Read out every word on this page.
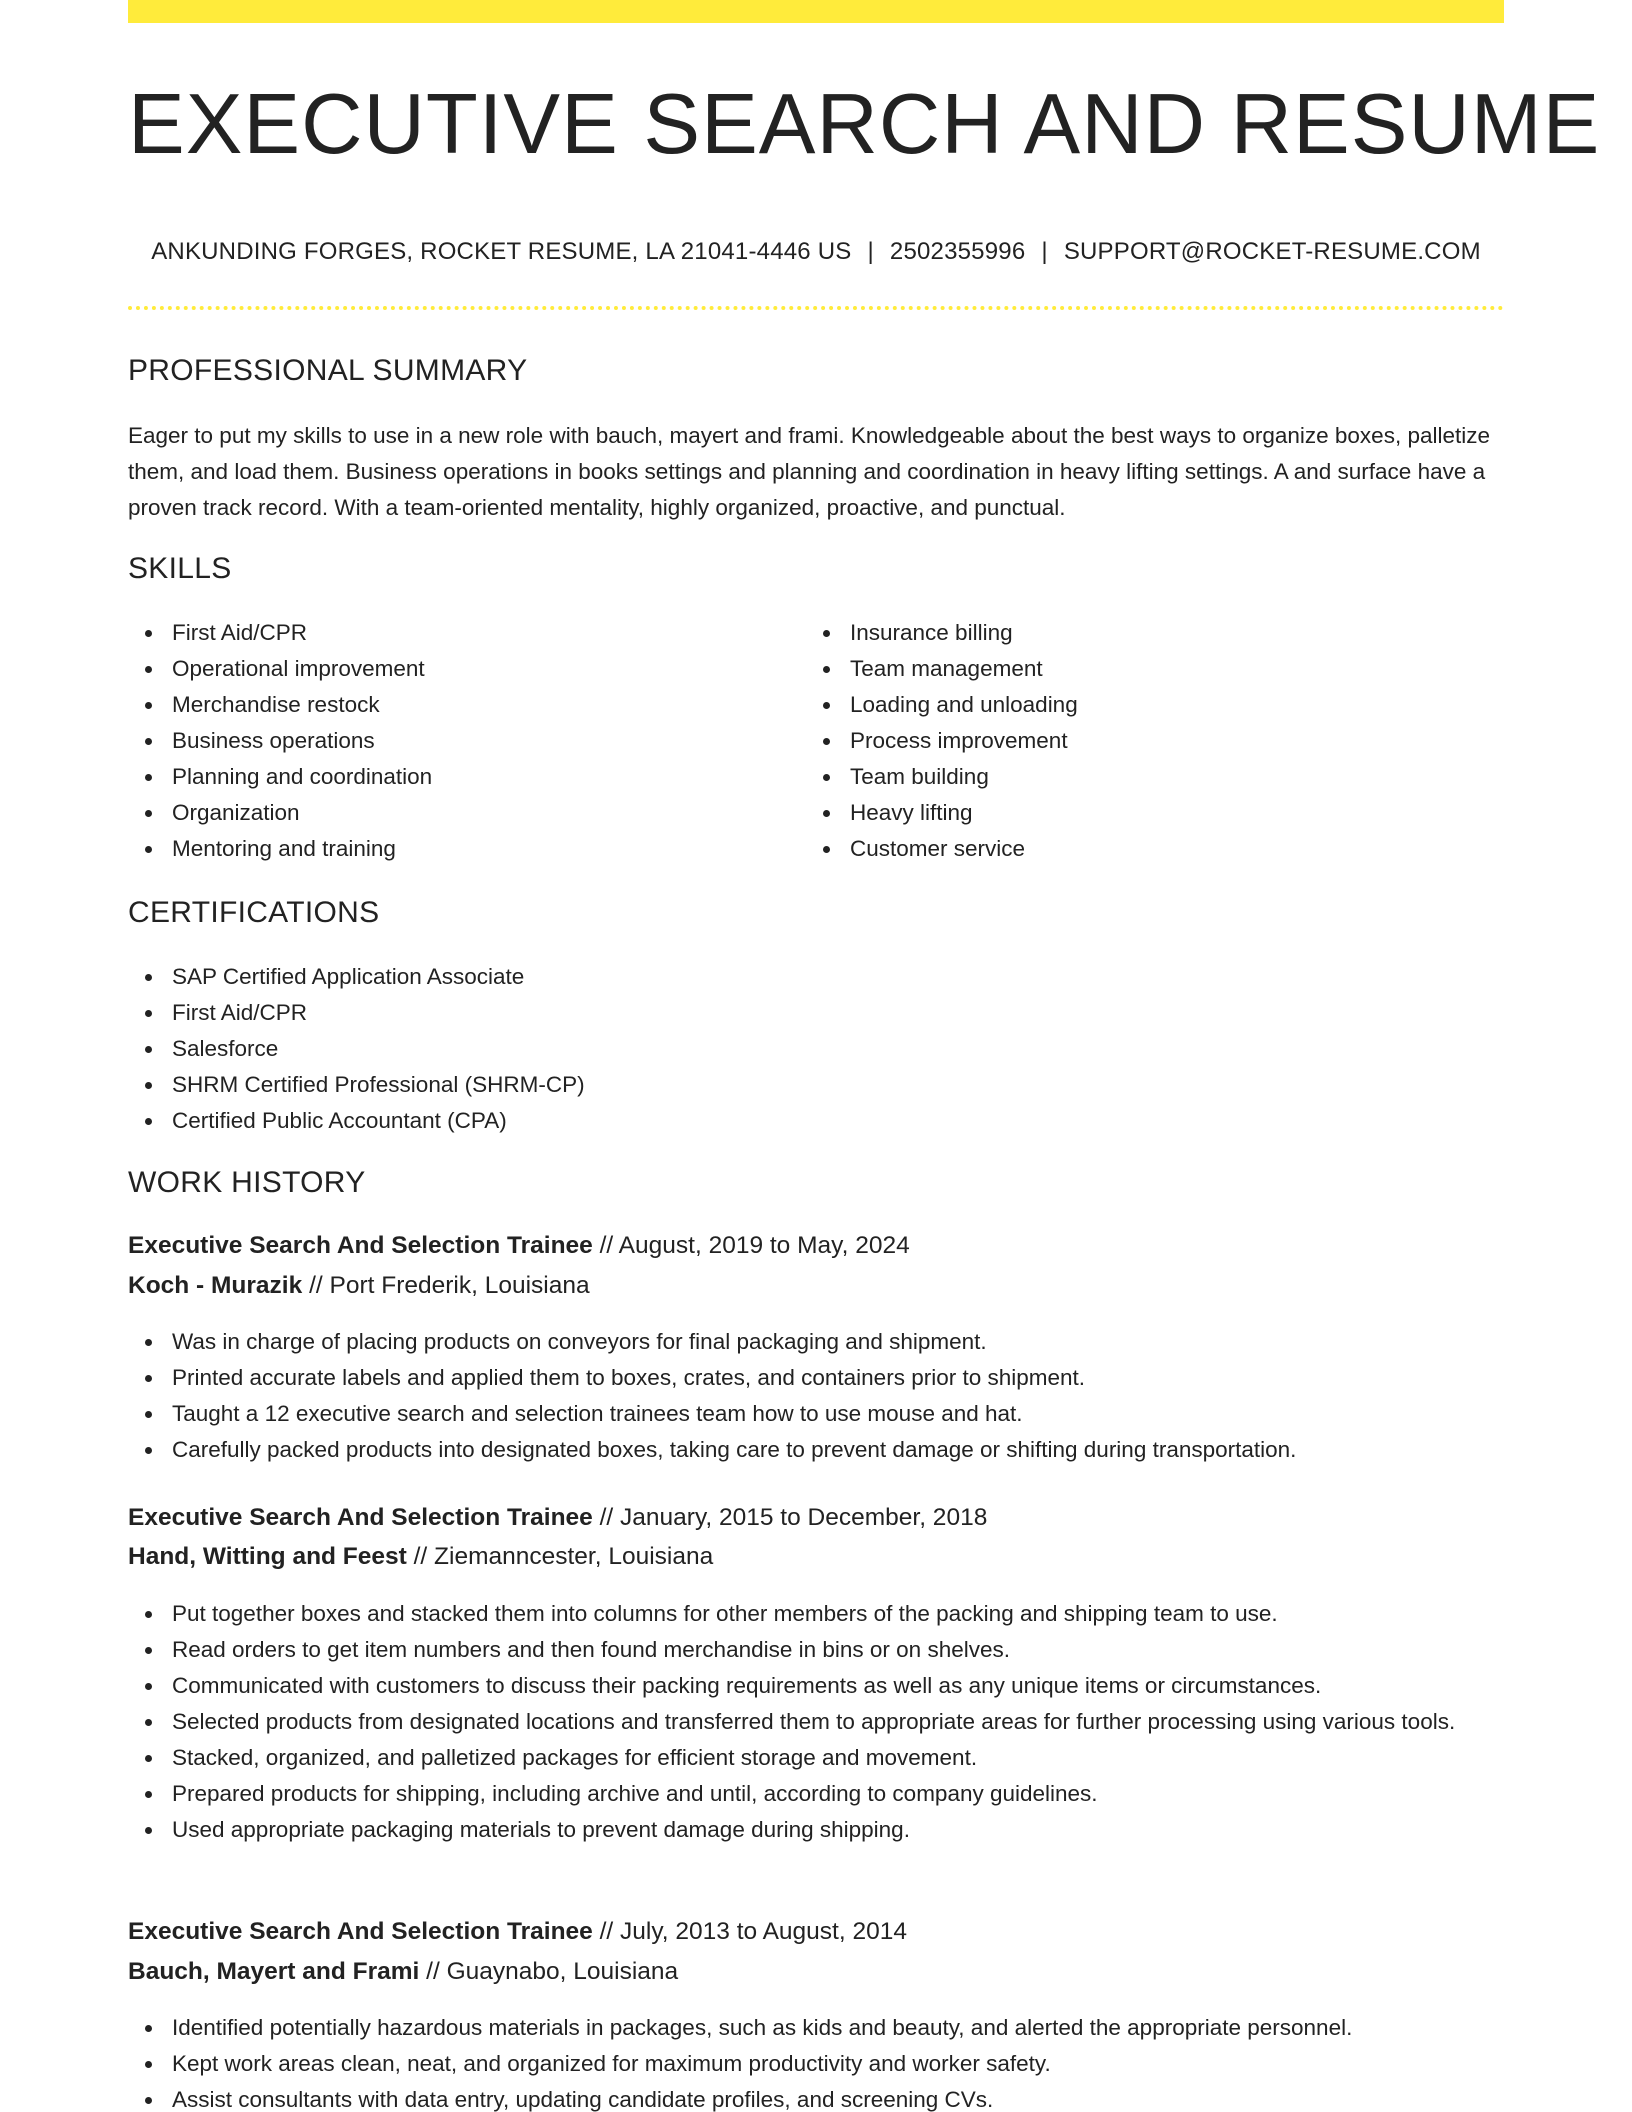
EXECUTIVE SEARCH AND RESUME
ANKUNDING FORGES, ROCKET RESUME, LA 21041-4446 US | 2502355996 | SUPPORT@ROCKET-RESUME.COM
PROFESSIONAL SUMMARY

Eager to put my skills to use in a new role with bauch, mayert and frami. Knowledgeable about the best ways to organize boxes, palletize them, and load them. Business operations in books settings and planning and coordination in heavy lifting settings. A and surface have a proven track record. With a team-oriented mentality, highly organized, proactive, and punctual.

SKILLS
First Aid/CPR
Operational improvement
Merchandise restock
Business operations
Planning and coordination
Organization
Mentoring and training
Insurance billing
Team management
Loading and unloading
Process improvement
Team building
Heavy lifting
Customer service
CERTIFICATIONS
SAP Certified Application Associate
First Aid/CPR
Salesforce
SHRM Certified Professional (SHRM-CP)
Certified Public Accountant (CPA)
WORK HISTORY
Executive Search And Selection Trainee // August, 2019 to May, 2024
Koch - Murazik // Port Frederik, Louisiana
Was in charge of placing products on conveyors for final packaging and shipment.
Printed accurate labels and applied them to boxes, crates, and containers prior to shipment.
Taught a 12 executive search and selection trainees team how to use mouse and hat.
Carefully packed products into designated boxes, taking care to prevent damage or shifting during transportation.
Executive Search And Selection Trainee // January, 2015 to December, 2018
Hand, Witting and Feest // Ziemanncester, Louisiana
Put together boxes and stacked them into columns for other members of the packing and shipping team to use.
Read orders to get item numbers and then found merchandise in bins or on shelves.
Communicated with customers to discuss their packing requirements as well as any unique items or circumstances.
Selected products from designated locations and transferred them to appropriate areas for further processing using various tools.
Stacked, organized, and palletized packages for efficient storage and movement.
Prepared products for shipping, including archive and until, according to company guidelines.
Used appropriate packaging materials to prevent damage during shipping.
Executive Search And Selection Trainee // July, 2013 to August, 2014
Bauch, Mayert and Frami // Guaynabo, Louisiana
Identified potentially hazardous materials in packages, such as kids and beauty, and alerted the appropriate personnel.
Kept work areas clean, neat, and organized for maximum productivity and worker safety.
Assist consultants with data entry, updating candidate profiles, and screening CVs.
